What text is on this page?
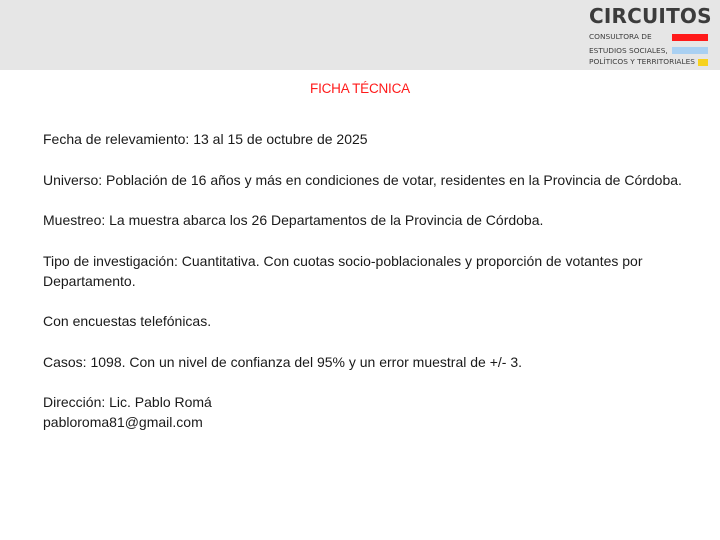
CIRCUITOS
CONSULTORA DE
ESTUDIOS SOCIALES,
POLÍTICOS Y TERRITORIALES
FICHA TÉCNICA
Fecha de relevamiento: 13 al 15 de octubre de 2025
Universo: Población de 16 años y más en condiciones de votar, residentes en la Provincia de Córdoba.
Muestreo: La muestra abarca los 26 Departamentos de la Provincia de Córdoba.
Tipo de investigación: Cuantitativa. Con cuotas socio-poblacionales y proporción de votantes por Departamento.
Con encuestas telefónicas.
Casos: 1098. Con un nivel de confianza del 95% y un error muestral de +/- 3.
Dirección: Lic. Pablo Romá
pabloroma81@gmail.com
